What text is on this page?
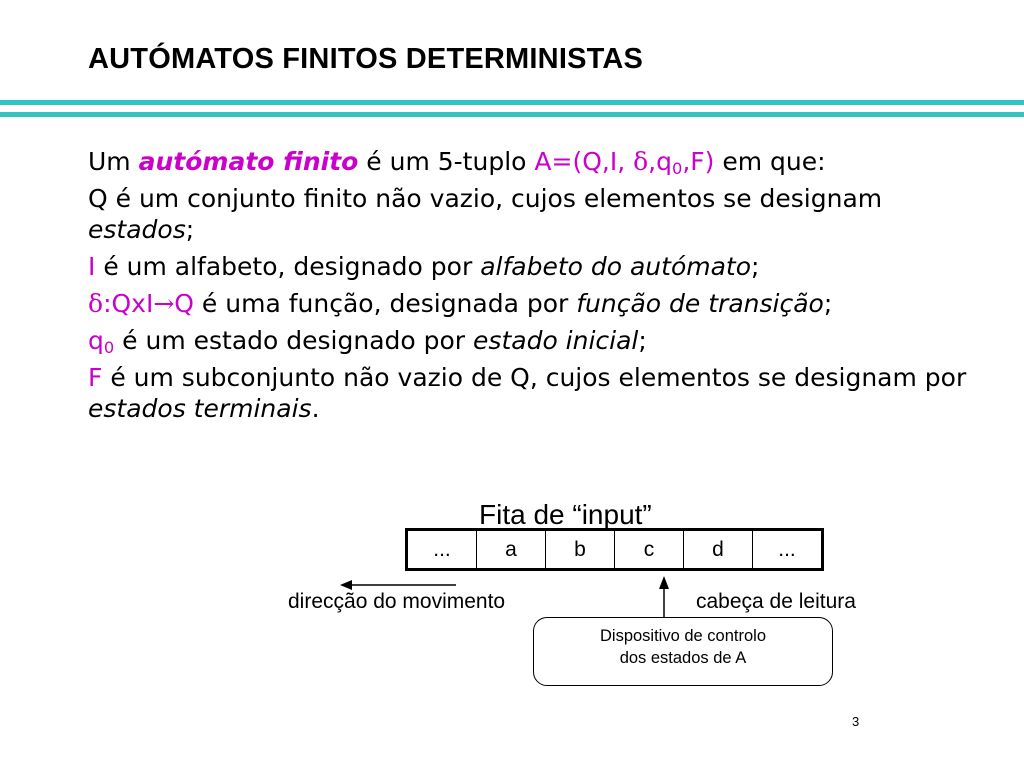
AUTÓMATOS FINITOS DETERMINISTAS

Um autómato finito é um 5-tuplo A=(Q,I, $\delta,q_0,F$) em que:

Q é um conjunto finito não vazio, cujos elementos se designam estados;

I é um alfabeto, designado por alfabeto do autómato;

δ:QxI→Q é uma função, designada por função de transição;

$q_0$ é um estado designado por estado inicial;

F é um subconjunto não vazio de Q, cujos elementos se designam por estados terminais.

Fita de “input”
...	a	b	c	d	...
direcção do movimento	cabeça de leitura
Dispositivo de controlo
dos estados de A
3
